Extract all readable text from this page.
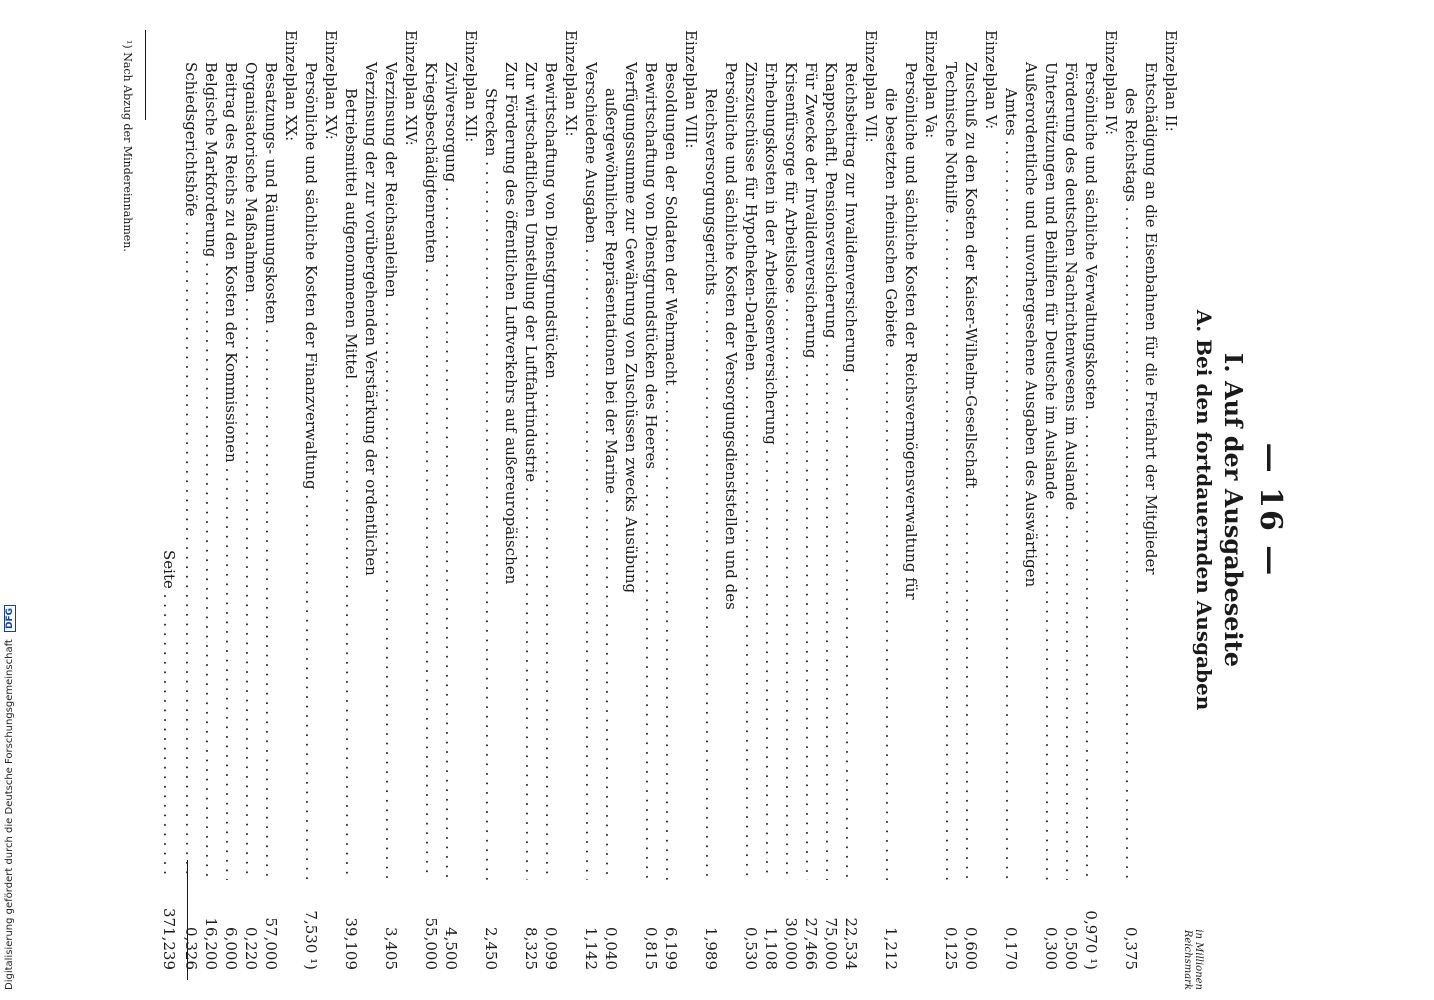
— 16 —
I. Auf der Ausgabeseite
A. Bei den fortdauernden Ausgaben
in Millionen Reichsmark
Einzelplan II:
Entschädigung an die Eisenbahnen für die Freifahrt der Mitglieder
des Reichstags . . .
0,375
Einzelplan IV:
Persönliche und sächliche Verwaltungskosten . . .
0,970 ¹)
Förderung des deutschen Nachrichtenwesens im Auslande . . .
0,500
Unterstützungen und Beihilfen für Deutsche im Auslande . . .
0,300
Außerordentliche und unvorhergesehene Ausgaben des Auswärtigen
Amtes . . .
0,170
Einzelplan V:
Zuschuß zu den Kosten der Kaiser-Wilhelm-Gesellschaft . . .
0,600
Technische Nothilfe . . .
0,125
Einzelplan Va:
Persönliche und sächliche Kosten der Reichsvermögensverwaltung für
die besetzten rheinischen Gebiete . . .
1,212
Einzelplan VII:
Reichsbeitrag zur Invalidenversicherung . . .
22,534
Knappschaftl. Pensionsversicherung . . .
75,000
Für Zwecke der Invalidenversicherung . . .
27,466
Krisenfürsorge für Arbeitslose . . .
30,000
Erhebungskosten in der Arbeitslosenversicherung . . .
1,108
Zinszuschüsse für Hypotheken-Darlehen . . .
0,530
Persönliche und sächliche Kosten der Versorgungsdienststellen und des
Reichsversorgungsgerichts . . .
1,989
Einzelplan VIII:
Besoldungen der Soldaten der Wehrmacht . . .
6,199
Bewirtschaftung von Dienstgrundstücken des Heeres . . .
0,815
Verfügungssumme zur Gewährung von Zuschüssen zwecks Ausübung
außergewöhnlicher Repräsentationen bei der Marine . . .
0,040
Verschiedene Ausgaben . . .
1,142
Einzelplan XI:
Bewirtschaftung von Dienstgrundstücken . . .
0,099
Zur wirtschaftlichen Umstellung der Luftfahrtindustrie . . .
8,325
Zur Förderung des öffentlichen Luftverkehrs auf außereuropäischen
Strecken . . .
2,450
Einzelplan XII:
Zivilversorgung . . .
4,500
Kriegsbeschädigtenrenten . . .
55,000
Einzelplan XIV:
Verzinsung der Reichsanleihen . . .
3,405
Verzinsung der zur vorübergehenden Verstärkung der ordentlichen
Betriebsmittel aufgenommenen Mittel . . .
39,109
Einzelplan XV:
Persönliche und sächliche Kosten der Finanzverwaltung . . .
7,530 ¹)
Einzelplan XX:
Besatzungs- und Räumungskosten . . .
57,000
Organisatorische Maßnahmen . . .
0,220
Beitrag des Reichs zu den Kosten der Kommissionen . . .
6,000
Belgische Markforderung . . .
16,200
Schiedsgerichtshöfe . . .
0,326
Seite . . .
371,239
¹) Nach Abzug der Mindereinnahmen.
Digitalisierung gefördert durch die Deutsche Forschungsgemeinschaft DFG
